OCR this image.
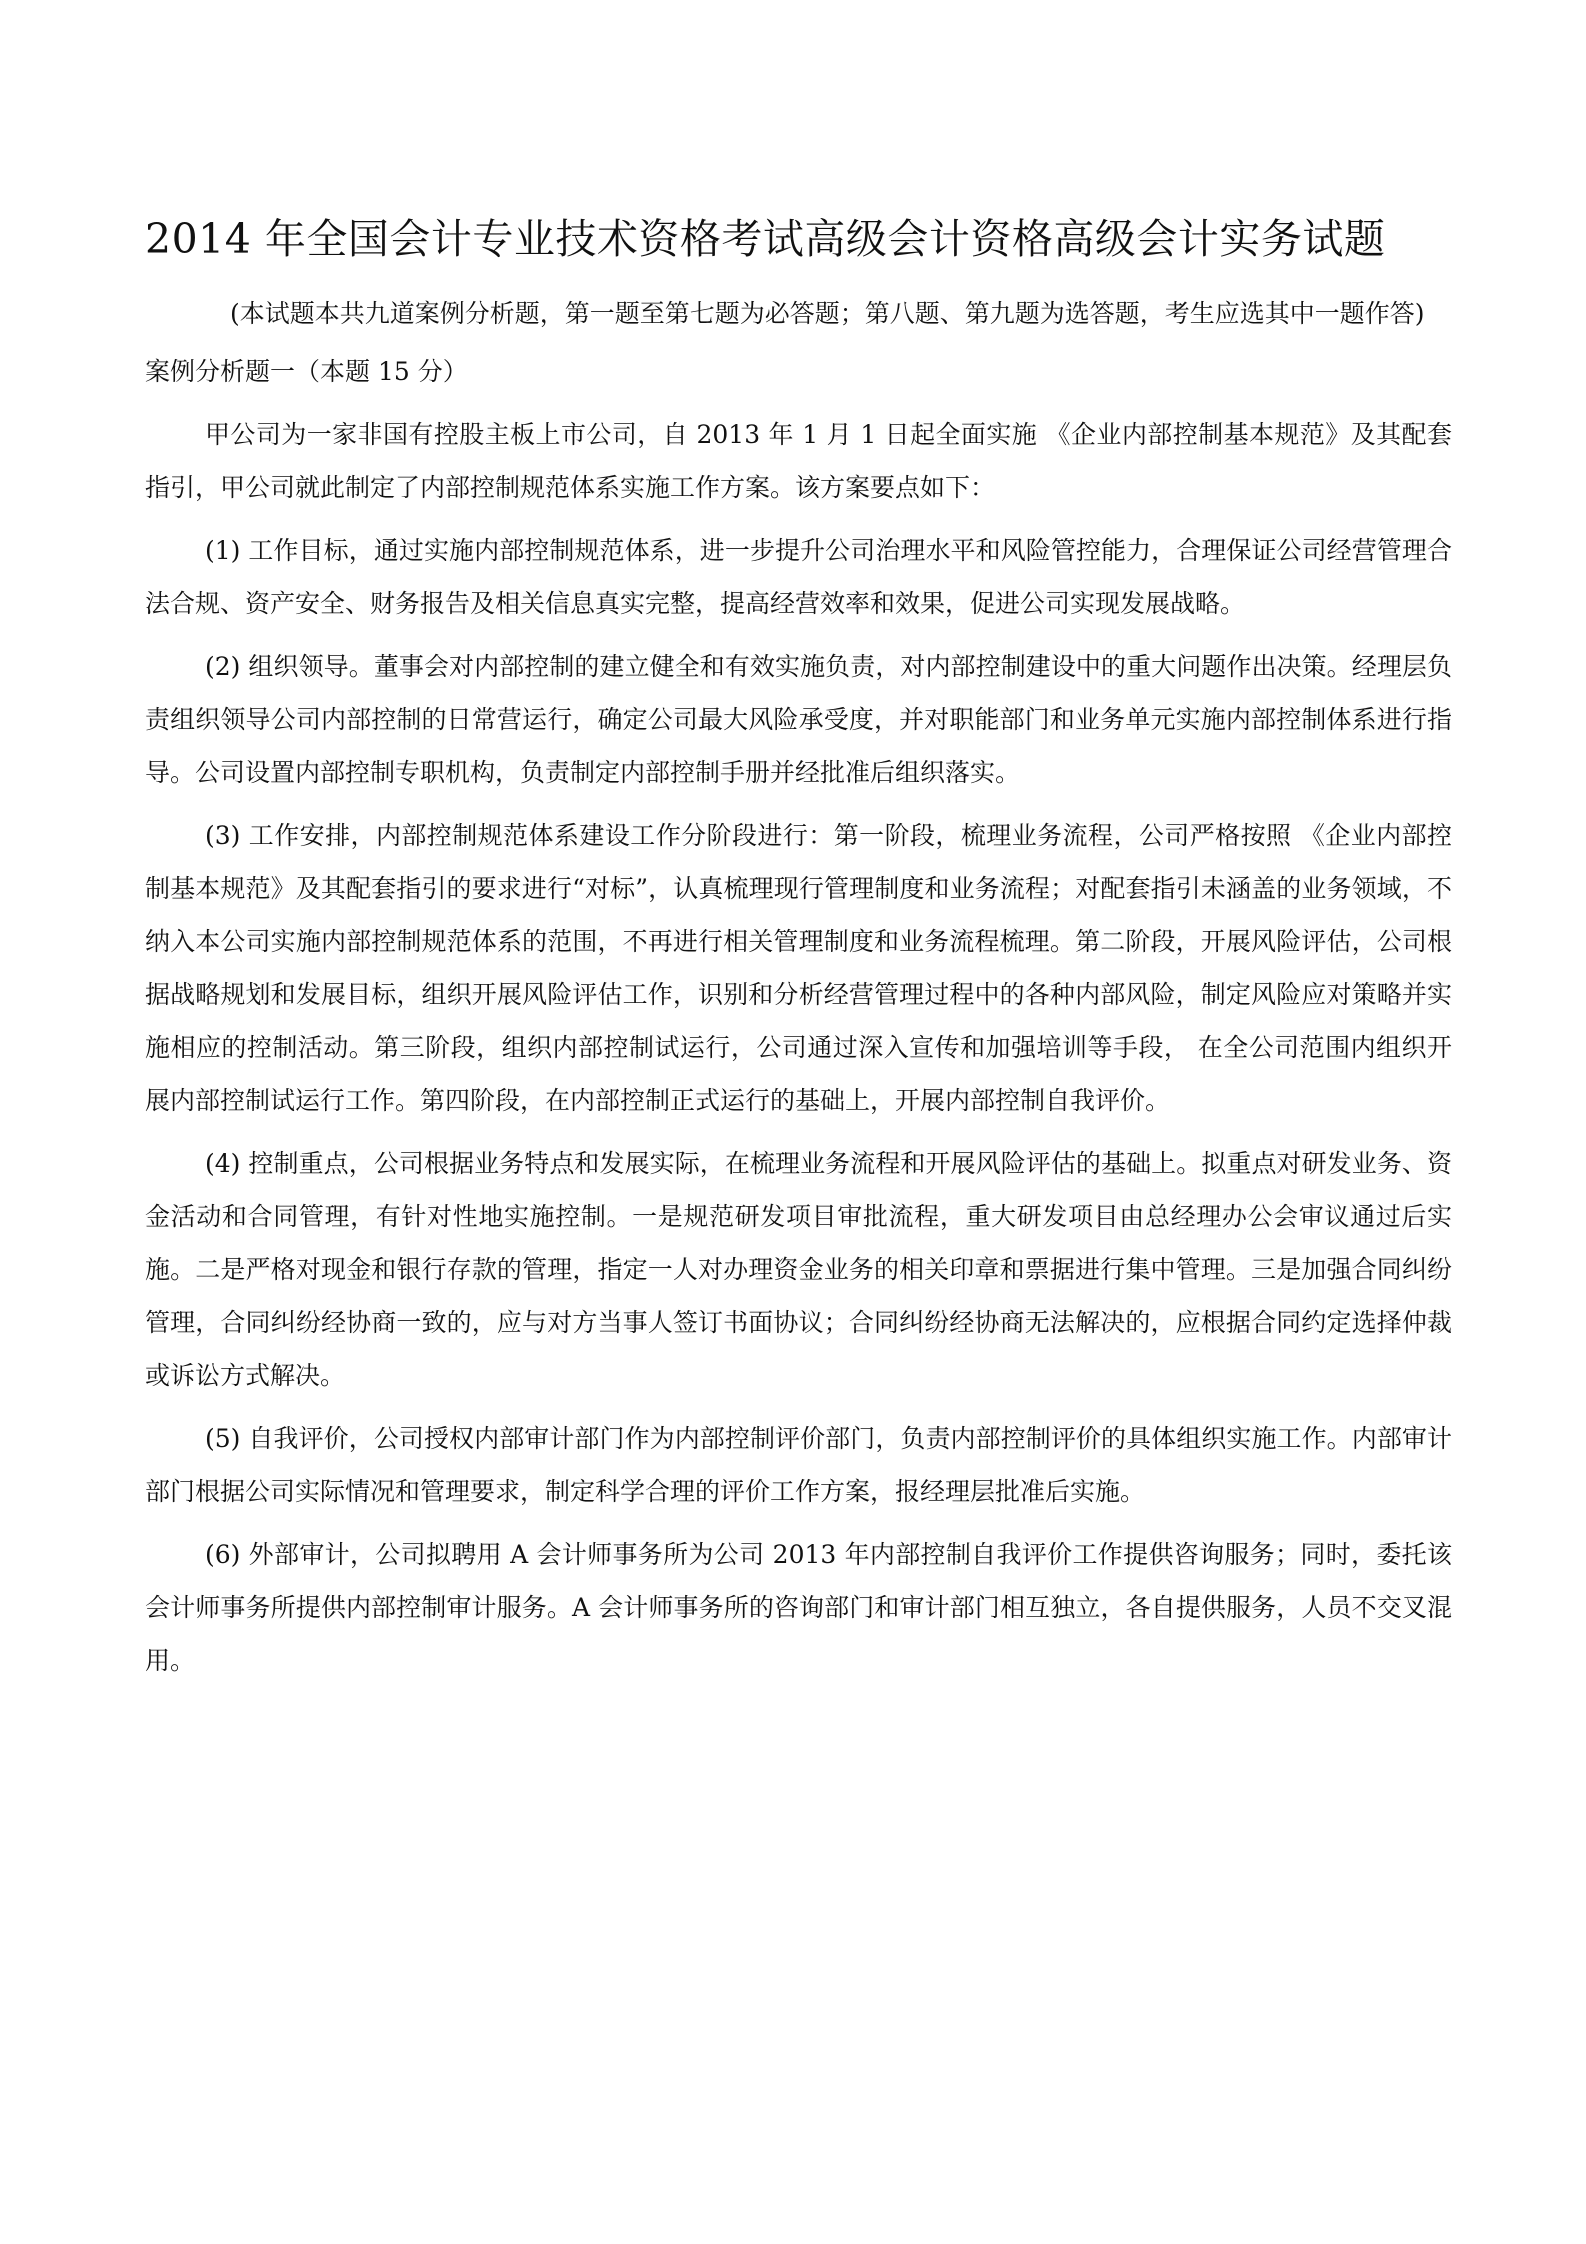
2014 年全国会计专业技术资格考试高级会计资格高级会计实务试题

(本试题本共九道案例分析题，第一题至第七题为必答题；第八题、第九题为选答题，考生应选其中一题作答)

案例分析题一（本题 15 分）

甲公司为一家非国有控股主板上市公司，自 2013 年 1 月 1 日起全面实施 《企业内部控制基本规范》及其配套指引，甲公司就此制定了内部控制规范体系实施工作方案。该方案要点如下：

(1) 工作目标，通过实施内部控制规范体系，进一步提升公司治理水平和风险管控能力，合理保证公司经营管理合法合规、资产安全、财务报告及相关信息真实完整，提高经营效率和效果，促进公司实现发展战略。

(2) 组织领导。董事会对内部控制的建立健全和有效实施负责，对内部控制建设中的重大问题作出决策。经理层负责组织领导公司内部控制的日常营运行，确定公司最大风险承受度，并对职能部门和业务单元实施内部控制体系进行指导。公司设置内部控制专职机构，负责制定内部控制手册并经批准后组织落实。

(3) 工作安排，内部控制规范体系建设工作分阶段进行：第一阶段，梳理业务流程，公司严格按照 《企业内部控制基本规范》及其配套指引的要求进行“对标”，认真梳理现行管理制度和业务流程；对配套指引未涵盖的业务领域，不纳入本公司实施内部控制规范体系的范围，不再进行相关管理制度和业务流程梳理。第二阶段，开展风险评估，公司根据战略规划和发展目标，组织开展风险评估工作，识别和分析经营管理过程中的各种内部风险，制定风险应对策略并实施相应的控制活动。第三阶段，组织内部控制试运行，公司通过深入宣传和加强培训等手段， 在全公司范围内组织开展内部控制试运行工作。第四阶段，在内部控制正式运行的基础上，开展内部控制自我评价。

(4) 控制重点，公司根据业务特点和发展实际，在梳理业务流程和开展风险评估的基础上。拟重点对研发业务、资金活动和合同管理，有针对性地实施控制。一是规范研发项目审批流程，重大研发项目由总经理办公会审议通过后实施。二是严格对现金和银行存款的管理，指定一人对办理资金业务的相关印章和票据进行集中管理。三是加强合同纠纷管理，合同纠纷经协商一致的，应与对方当事人签订书面协议；合同纠纷经协商无法解决的，应根据合同约定选择仲裁或诉讼方式解决。

(5) 自我评价，公司授权内部审计部门作为内部控制评价部门，负责内部控制评价的具体组织实施工作。内部审计部门根据公司实际情况和管理要求，制定科学合理的评价工作方案，报经理层批准后实施。

(6) 外部审计，公司拟聘用 A 会计师事务所为公司 2013 年内部控制自我评价工作提供咨询服务；同时，委托该会计师事务所提供内部控制审计服务。A 会计师事务所的咨询部门和审计部门相互独立，各自提供服务，人员不交叉混用。
